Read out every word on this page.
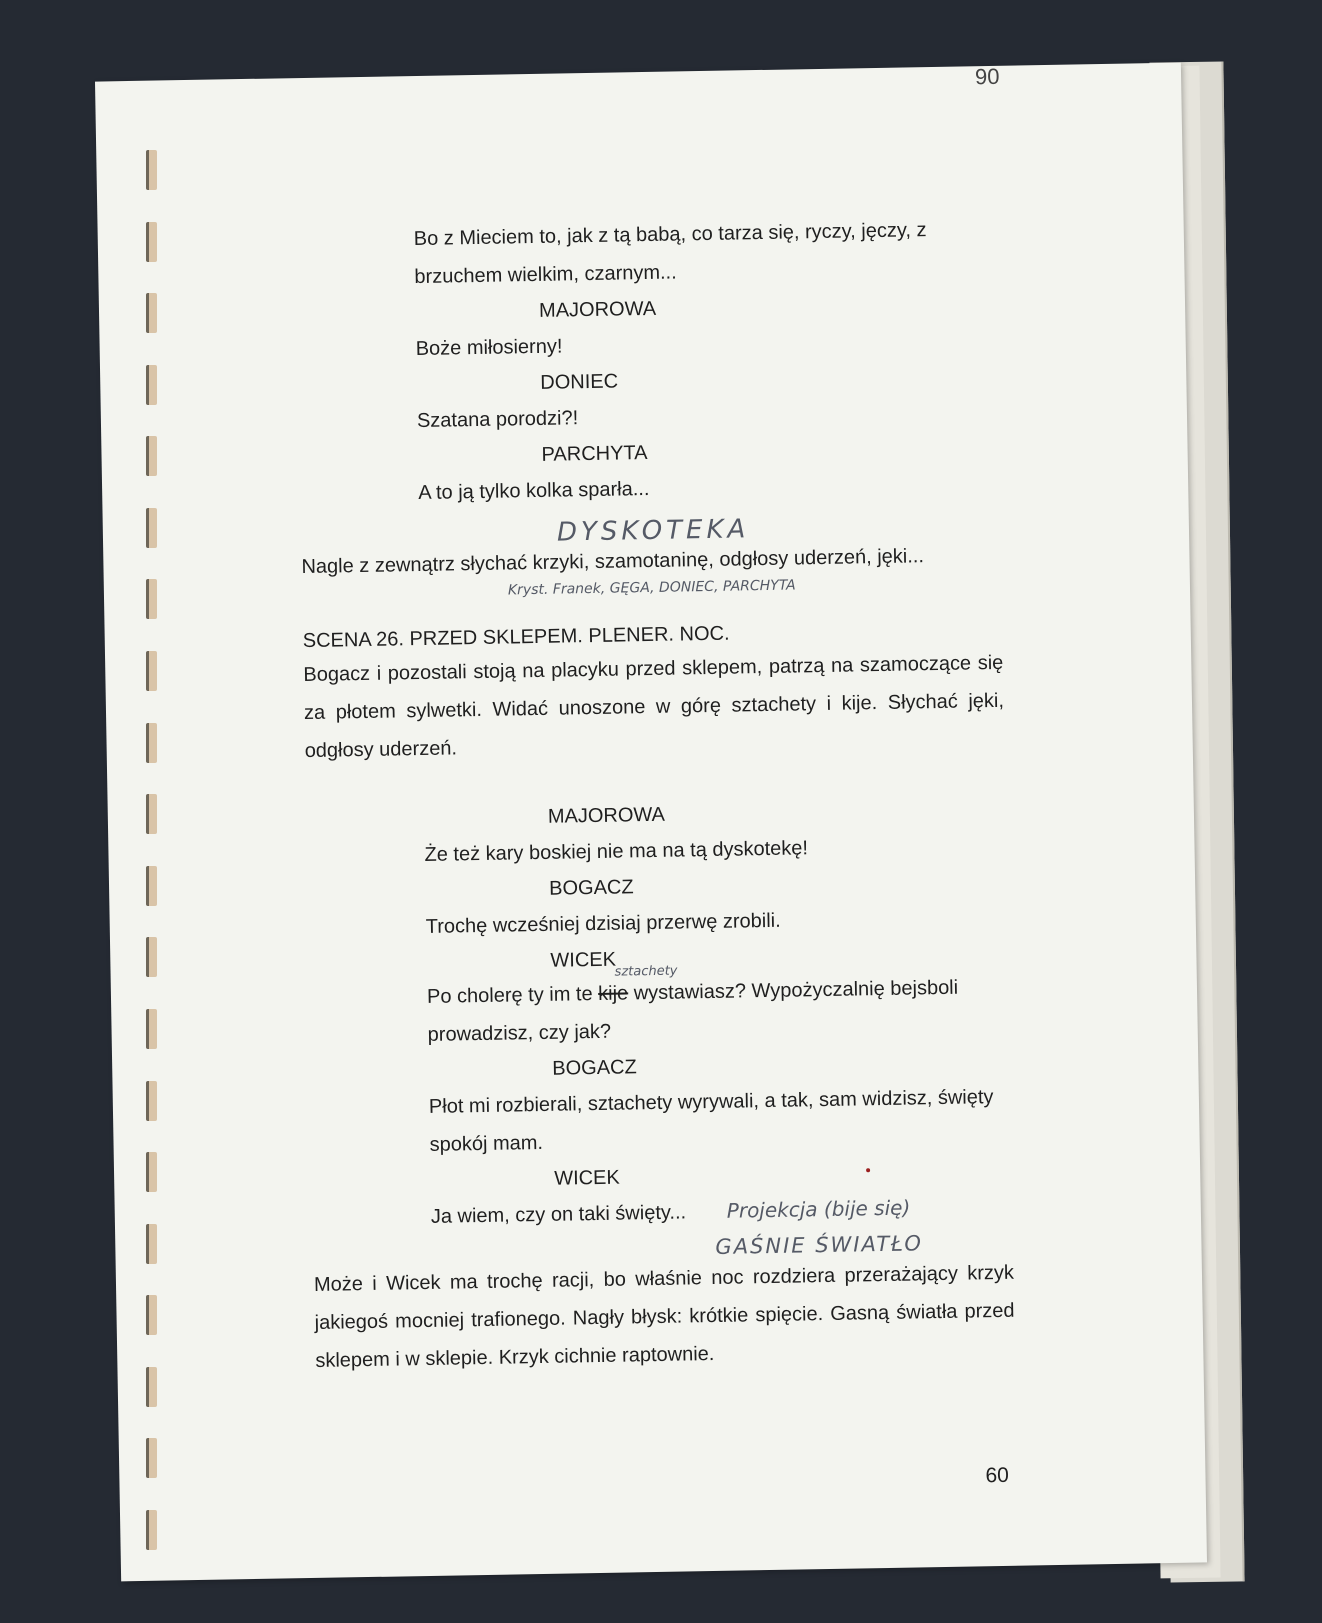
90
Bo z Mieciem to, jak z tą babą, co tarza się, ryczy, jęczy, z
brzuchem wielkim, czarnym...
MAJOROWA
Boże miłosierny!
DONIEC
Szatana porodzi?!
PARCHYTA
A to ją tylko kolka sparła...
DYSKOTEKA
Nagle z zewnątrz słychać krzyki, szamotaninę, odgłosy uderzeń, jęki...
Kryst. Franek, GĘGA, DONIEC, PARCHYTA
SCENA 26. PRZED SKLEPEM. PLENER. NOC.
Bogacz i pozostali stoją na placyku przed sklepem, patrzą na szamoczące się za płotem sylwetki. Widać unoszone w górę sztachety i kije. Słychać jęki, odgłosy uderzeń.
MAJOROWA
Że też kary boskiej nie ma na tą dyskotekę!
BOGACZ
Trochę wcześniej dzisiaj przerwę zrobili.
WICEK
sztachety
Po cholerę ty im te kije wystawiasz? Wypożyczalnię bejsboli
prowadzisz, czy jak?
BOGACZ
Płot mi rozbierali, sztachety wyrywali, a tak, sam widzisz, święty
spokój mam.
WICEK
Ja wiem, czy on taki święty... Projekcja (bije się)
GAŚNIE ŚWIATŁO
Może i Wicek ma trochę racji, bo właśnie noc rozdziera przerażający krzyk jakiegoś mocniej trafionego. Nagły błysk: krótkie spięcie. Gasną światła przed sklepem i w sklepie. Krzyk cichnie raptownie.
60
